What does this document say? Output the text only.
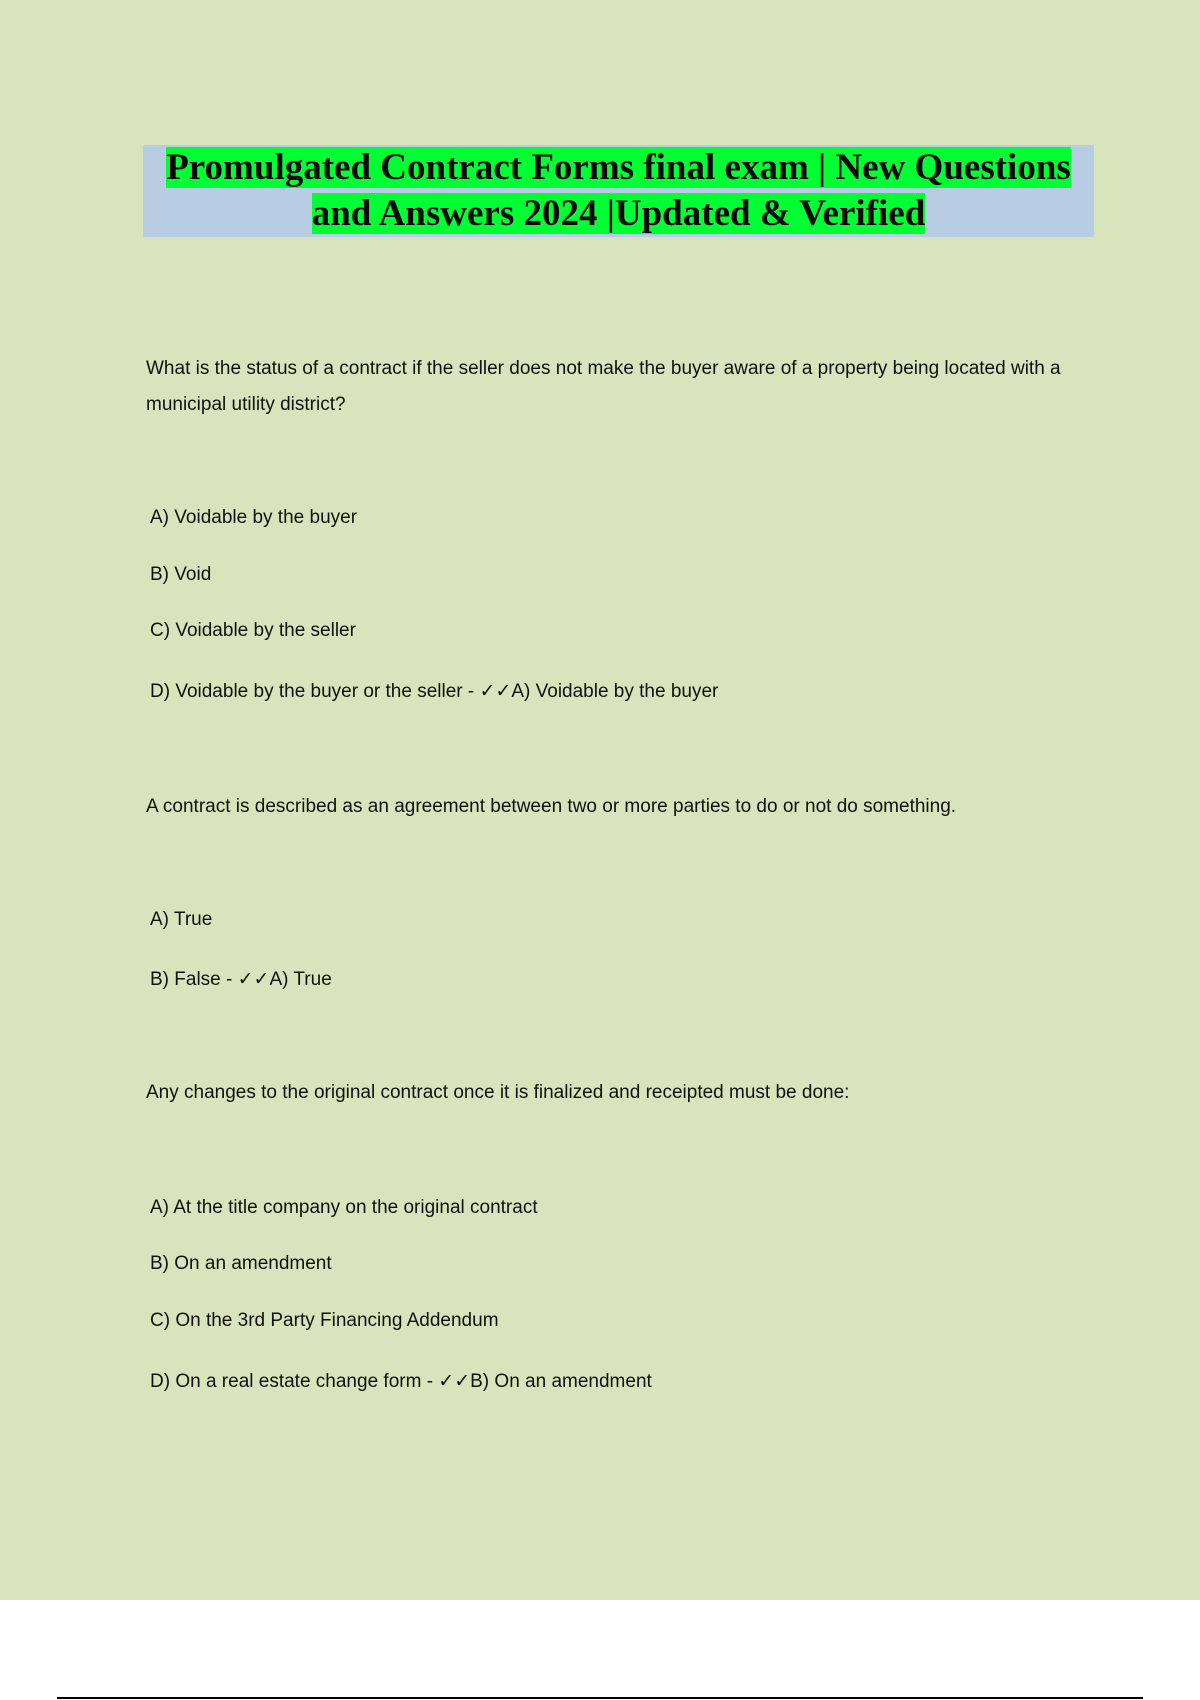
Promulgated Contract Forms final exam | New Questions and Answers 2024 |Updated & Verified
What is the status of a contract if the seller does not make the buyer aware of a property being located with a municipal utility district?
A) Voidable by the buyer
B) Void
C) Voidable by the seller
D) Voidable by the buyer or the seller - ✓✓A) Voidable by the buyer
A contract is described as an agreement between two or more parties to do or not do something.
A) True
B) False - ✓✓A) True
Any changes to the original contract once it is finalized and receipted must be done:
A) At the title company on the original contract
B) On an amendment
C) On the 3rd Party Financing Addendum
D) On a real estate change form - ✓✓B) On an amendment
